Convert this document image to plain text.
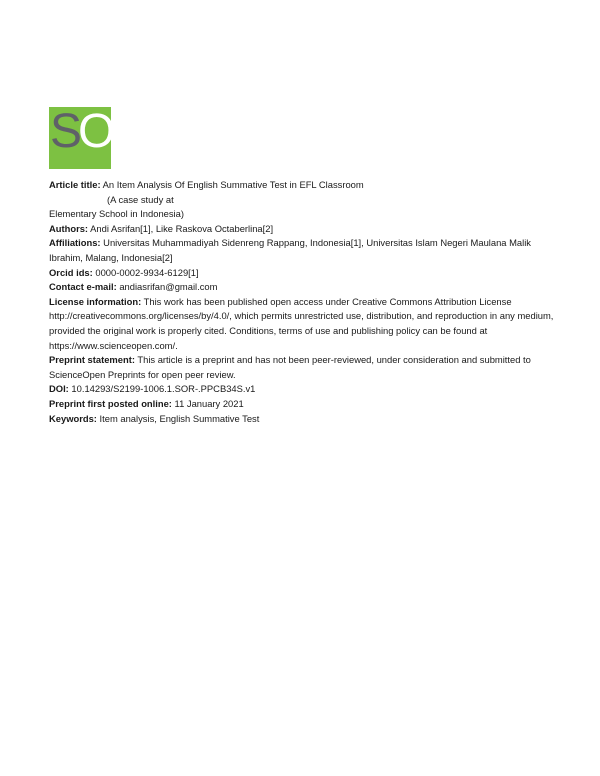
S
O

Article title: An Item Analysis Of English Summative Test in EFL Classroom

(A case study at

Elementary School in Indonesia)

Authors: Andi Asrifan[1], Like Raskova Octaberlina[2]

Affiliations: Universitas Muhammadiyah Sidenreng Rappang, Indonesia[1], Universitas Islam Negeri Maulana Malik Ibrahim, Malang, Indonesia[2]

Orcid ids: 0000-0002-9934-6129[1]

Contact e-mail: andiasrifan@gmail.com

License information: This work has been published open access under Creative Commons Attribution License http://creativecommons.org/licenses/by/4.0/, which permits unrestricted use, distribution, and reproduction in any medium, provided the original work is properly cited. Conditions, terms of use and publishing policy can be found at https://www.scienceopen.com/.

Preprint statement: This article is a preprint and has not been peer-reviewed, under consideration and submitted to ScienceOpen Preprints for open peer review.

DOI: 10.14293/S2199-1006.1.SOR-.PPCB34S.v1

Preprint first posted online: 11 January 2021

Keywords: Item analysis, English Summative Test
